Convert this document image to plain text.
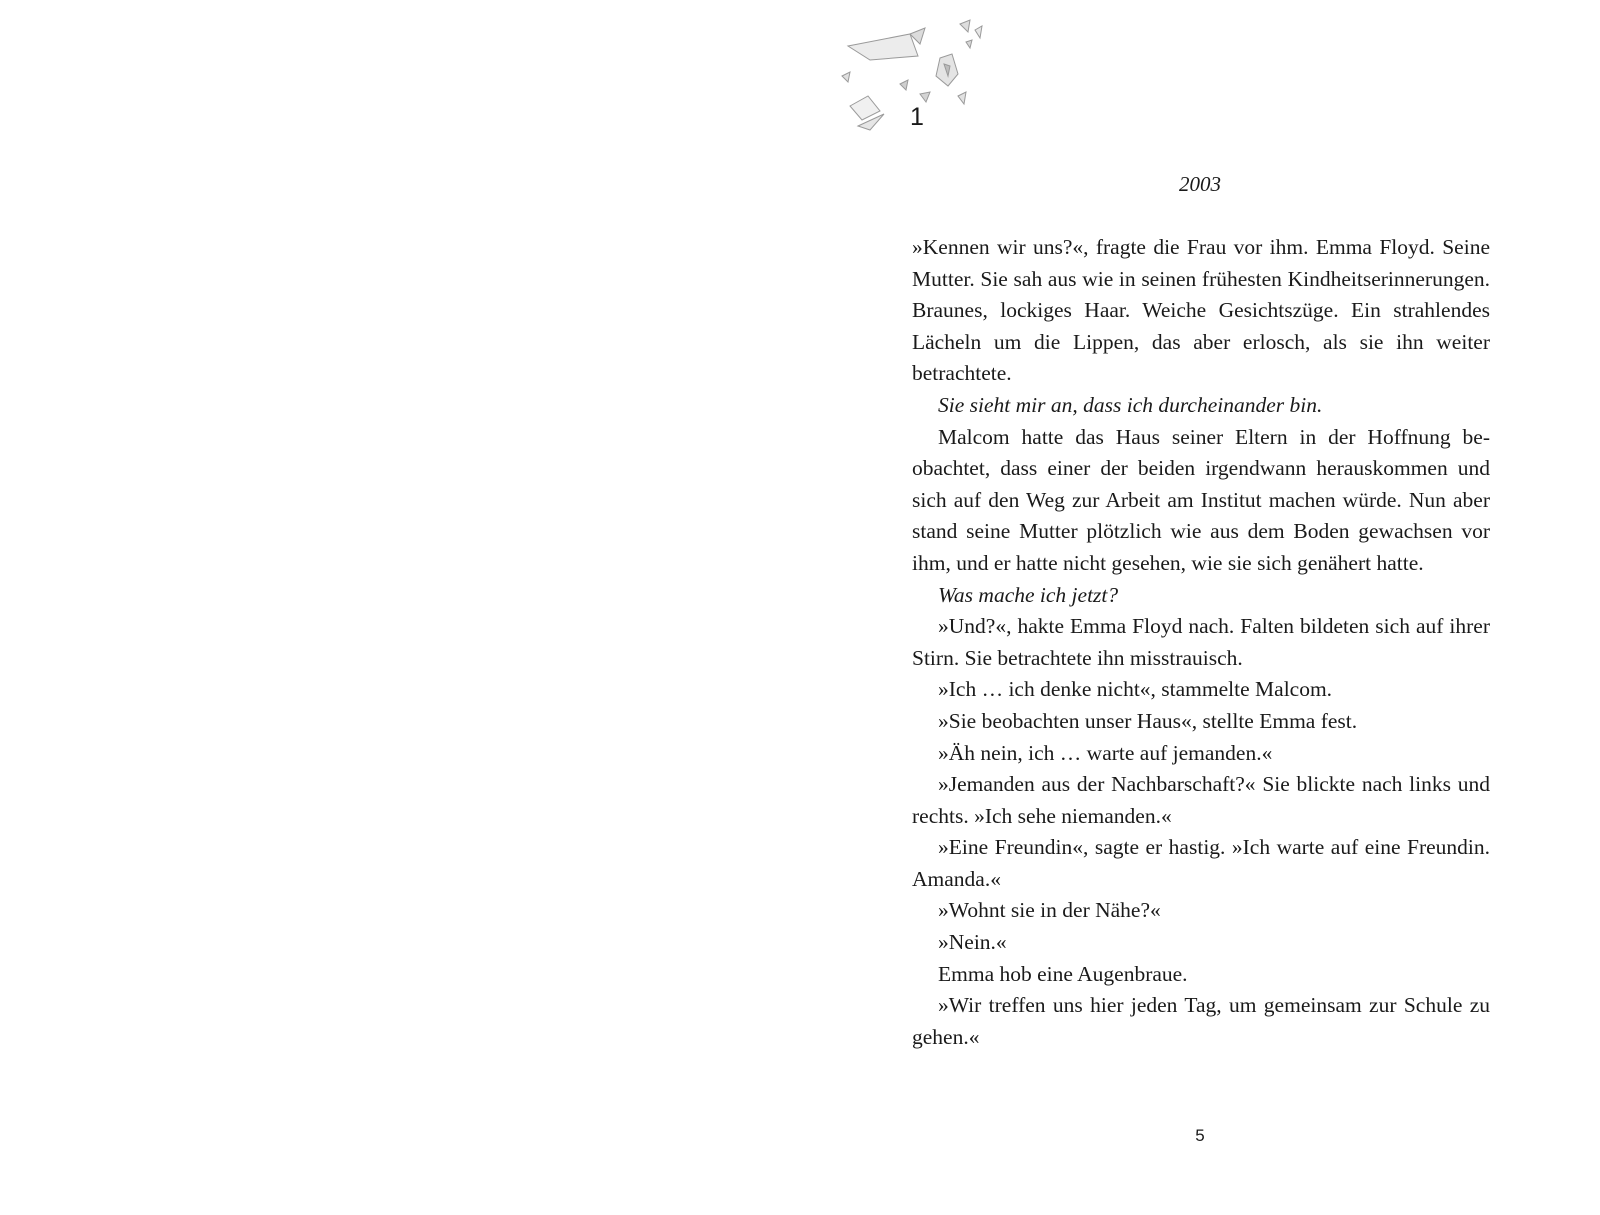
1
2003

»Kennen wir uns?«, fragte die Frau vor ihm. Emma Floyd. Seine Mutter. Sie sah aus wie in seinen frühesten Kindheitserinnerungen. Braunes, lockiges Haar. Weiche Gesichtszüge. Ein strahlendes Lächeln um die Lippen, das aber erlosch, als sie ihn weiter betrachtete.

Sie sieht mir an, dass ich durcheinander bin.

Malcom hatte das Haus seiner Eltern in der Hoffnung beobachtet, dass einer der beiden irgendwann herauskommen und sich auf den Weg zur Arbeit am Institut machen würde. Nun aber stand seine Mutter plötzlich wie aus dem Boden gewachsen vor ihm, und er hatte nicht gesehen, wie sie sich genähert hatte.

Was mache ich jetzt?

»Und?«, hakte Emma Floyd nach. Falten bildeten sich auf ihrer Stirn. Sie betrachtete ihn misstrauisch.

»Ich … ich denke nicht«, stammelte Malcom.

»Sie beobachten unser Haus«, stellte Emma fest.

»Äh nein, ich … warte auf jemanden.«

»Jemanden aus der Nachbarschaft?« Sie blickte nach links und rechts. »Ich sehe niemanden.«

»Eine Freundin«, sagte er hastig. »Ich warte auf eine Freundin. Amanda.«

»Wohnt sie in der Nähe?«

»Nein.«

Emma hob eine Augenbraue.

»Wir treffen uns hier jeden Tag, um gemeinsam zur Schule zu gehen.«

5
